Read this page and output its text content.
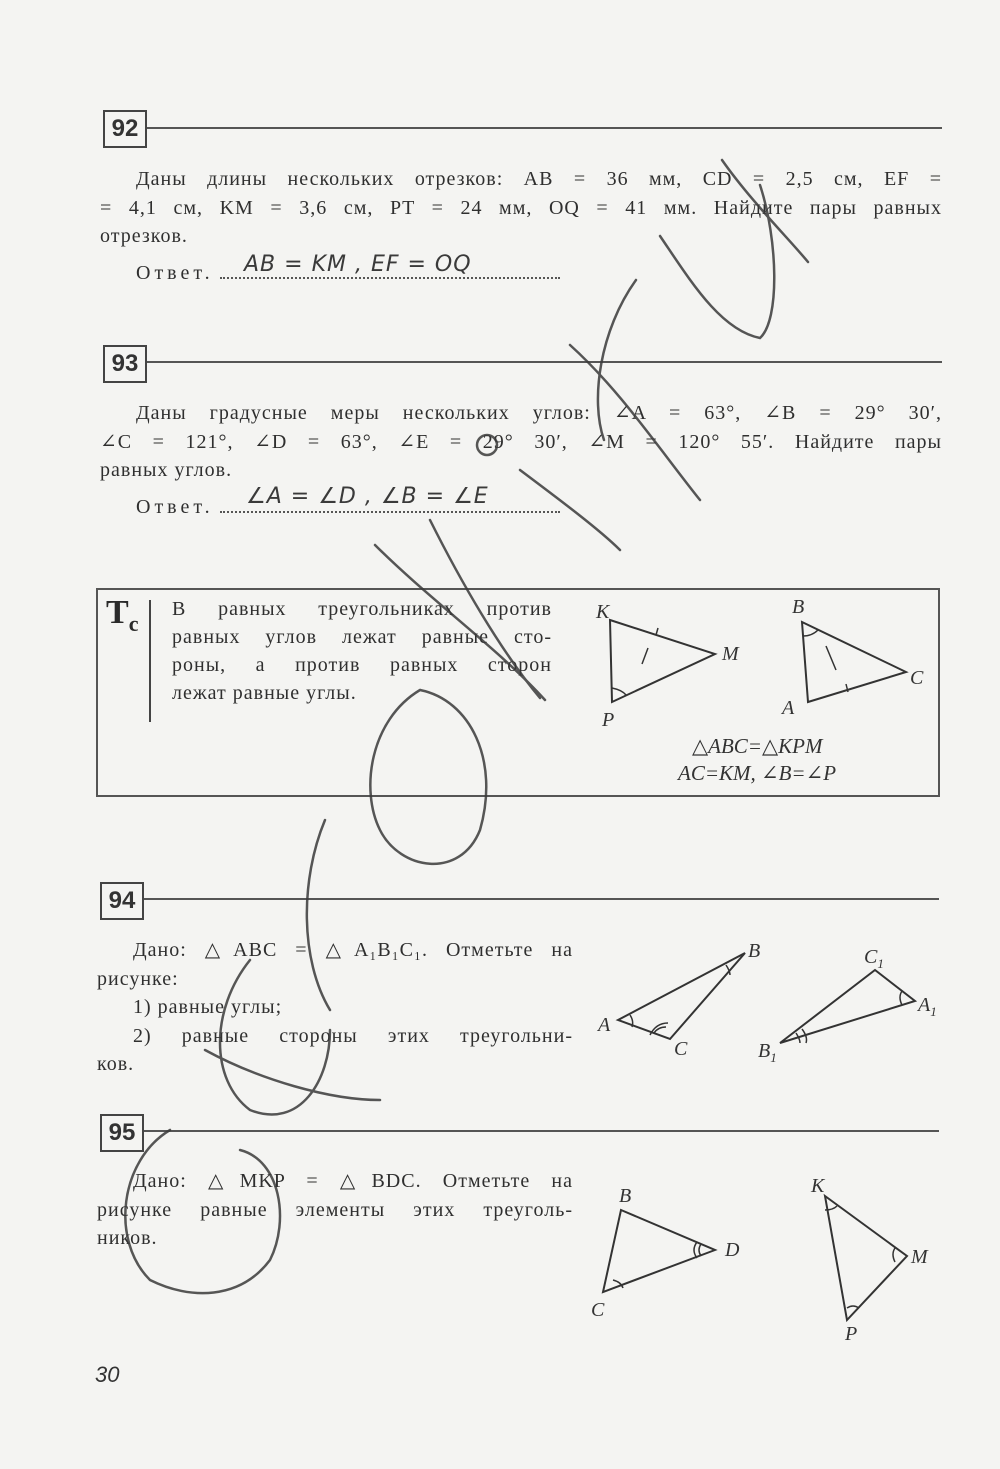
92

Даны длины нескольких отрезков: AB = 36 мм, CD = 2,5 см, EF =

= 4,1 см, KM = 3,6 см, PT = 24 мм, OQ = 41 мм. Найдите пары равных

отрезков.

Ответ.	AB = KM , EF = OQ
93

Даны градусные меры нескольких углов: ∠A = 63°, ∠B = 29° 30′,

∠C = 121°, ∠D = 63°, ∠E = 29° 30′, ∠M = 120° 55′. Найдите пары

равных углов.

Ответ.	∠A = ∠D , ∠B = ∠E
$T_c$

В равных треугольниках против

равных углов лежат равные сто-

роны, а против равных сторон

лежат равные углы.

K
M
P
B
C
A
△ABC=△KPM
AC=KM, ∠B=∠P
94

Дано: △ABC = △A₁B₁C₁. Отметьте на

рисунке:

1) равные углы;

2) равные стороны этих треугольни-

ков.

A
B
C	$B_1$
$C_1$
$A_1$
95

Дано: △MKP = △BDC. Отметьте на

рисунке равные элементы этих треуголь-

ников.

B
D
C
K
M
P
30
